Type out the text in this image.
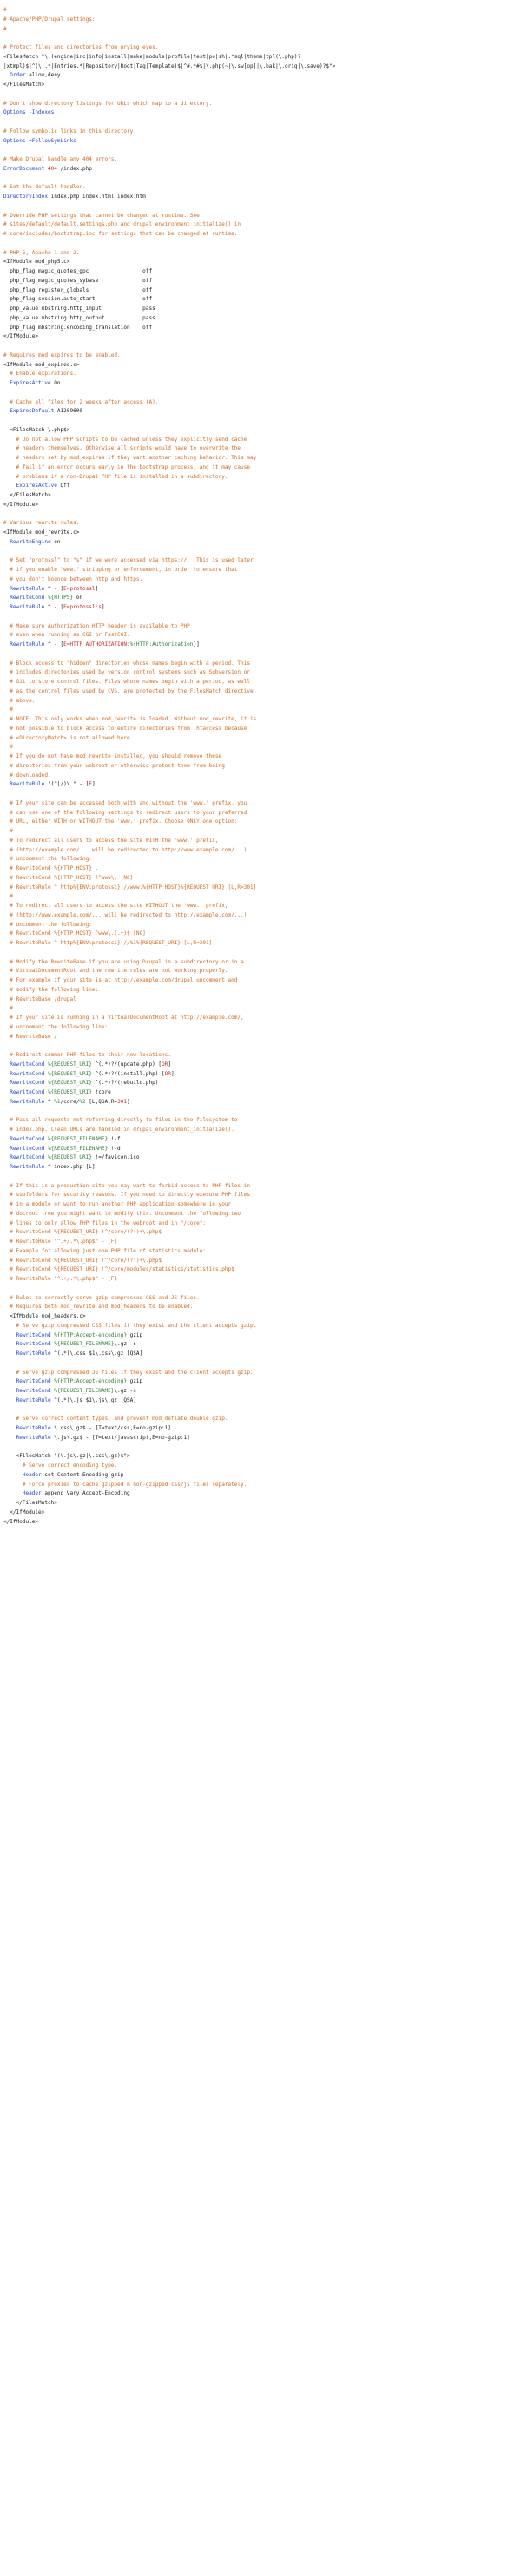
#
# Apache/PHP/Drupal settings:
#
# Protect files and directories from prying eyes.
<FilesMatch "\.(engine|inc|info|install|make|module|profile|test|po|sh|.*sql|theme|tpl(\.php)?
|xtmpl)$|^(\..*|Entries.*|Repository|Root|Tag|Template)$|^#.*#$|\.php(~|\.sw[op]|\.bak|\.orig|\.save)?$">
Order allow,deny
</FilesMatch>
# Don't show directory listings for URLs which map to a directory.
Options -Indexes
# Follow symbolic links in this directory.
Options +FollowSymLinks
# Make Drupal handle any 404 errors.
ErrorDocument 404 /index.php
# Set the default handler.
DirectoryIndex index.php index.html index.htm
# Override PHP settings that cannot be changed at runtime. See
# sites/default/default.settings.php and drupal_environment_initialize() in
# core/includes/bootstrap.inc for settings that can be changed at runtime.
# PHP 5, Apache 1 and 2.
<IfModule mod_php5.c>
php_flag magic_quotes_gpc                 off
php_flag magic_quotes_sybase              off
php_flag register_globals                 off
php_flag session.auto_start               off
php_value mbstring.http_input             pass
php_value mbstring.http_output            pass
php_flag mbstring.encoding_translation    off
</IfModule>
# Requires mod_expires to be enabled.
<IfModule mod_expires.c>
# Enable expirations.
ExpiresActive On
# Cache all files for 2 weeks after access (A).
ExpiresDefault A1209600
<FilesMatch \.php$>
# Do not allow PHP scripts to be cached unless they explicitly send cache
# headers themselves. Otherwise all scripts would have to overwrite the
# headers set by mod_expires if they want another caching behavior. This may
# fail if an error occurs early in the bootstrap process, and it may cause
# problems if a non-Drupal PHP file is installed in a subdirectory.
ExpiresActive Off
</FilesMatch>
</IfModule>
# Various rewrite rules.
<IfModule mod_rewrite.c>
RewriteEngine on
# Set "protossl" to "s" if we were accessed via https://.  This is used later
# if you enable "www." stripping or enforcement, in order to ensure that
# you don't bounce between http and https.
RewriteRule ^ - [E=protossl]
RewriteCond %{HTTPS} on
RewriteRule ^ - [E=protossl:s]
# Make sure Authorization HTTP header is available to PHP
# even when running as CGI or FastCGI.
RewriteRule ^ - [E=HTTP_AUTHORIZATION:%{HTTP:Authorization}]
# Block access to "hidden" directories whose names begin with a period. This
# includes directories used by version control systems such as Subversion or
# Git to store control files. Files whose names begin with a period, as well
# as the control files used by CVS, are protected by the FilesMatch directive
# above.
#
# NOTE: This only works when mod_rewrite is loaded. Without mod_rewrite, it is
# not possible to block access to entire directories from .htaccess because
# <DirectoryMatch> is not allowed here.
#
# If you do not have mod_rewrite installed, you should remove these
# directories from your webroot or otherwise protect them from being
# downloaded.
RewriteRule "(^|/)\." - [F]
# If your site can be accessed both with and without the 'www.' prefix, you
# can use one of the following settings to redirect users to your preferred
# URL, either WITH or WITHOUT the 'www.' prefix. Choose ONLY one option:
#
# To redirect all users to access the site WITH the 'www.' prefix,
# (http://example.com/... will be redirected to http://www.example.com/...)
# uncomment the following:
# RewriteCond %{HTTP_HOST} .
# RewriteCond %{HTTP_HOST} !^www\. [NC]
# RewriteRule ^ http%{ENV:protossl}://www.%{HTTP_HOST}%{REQUEST_URI} [L,R=301]
#
# To redirect all users to access the site WITHOUT the 'www.' prefix,
# (http://www.example.com/... will be redirected to http://example.com/...)
# uncomment the following:
# RewriteCond %{HTTP_HOST} ^www\.(.+)$ [NC]
# RewriteRule ^ http%{ENV:protossl}://%1%{REQUEST_URI} [L,R=301]
# Modify the RewriteBase if you are using Drupal in a subdirectory or in a
# VirtualDocumentRoot and the rewrite rules are not working properly.
# For example if your site is at http://example.com/drupal uncomment and
# modify the following line:
# RewriteBase /drupal
#
# If your site is running in a VirtualDocumentRoot at http://example.com/,
# uncomment the following line:
# RewriteBase /
# Redirect common PHP files to their new locations.
RewriteCond %{REQUEST_URI} ^(.*)?/(update.php) [OR]
RewriteCond %{REQUEST_URI} ^(.*)?/(install.php) [OR]
RewriteCond %{REQUEST_URI} ^(.*)?/(rebuild.php)
RewriteCond %{REQUEST_URI} !core
RewriteRule ^ %1/core/%2 [L,QSA,R=301]
# Pass all requests not referring directly to files in the filesystem to
# index.php. Clean URLs are handled in drupal_environment_initialize().
RewriteCond %{REQUEST_FILENAME} !-f
RewriteCond %{REQUEST_FILENAME} !-d
RewriteCond %{REQUEST_URI} !=/favicon.ico
RewriteRule ^ index.php [L]
# If this is a production site you may want to forbid access to PHP files in
# subfolders for security reasons. If you need to directly execute PHP files
# in a module or want to run another PHP application somewhere in your
# docroot tree you might want to modify this. Uncomment the following two
# lines to only allow PHP files in the webroot and in "/core":
# RewriteCond %{REQUEST_URI} !^/core/(?!)+\.php$
# RewriteRule "^.+/.*\.php$" - [F]
# Example for allowing just one PHP file of statistics module:
# RewriteCond %{REQUEST_URI} !^/core/(?!)+\.php$
# RewriteCond %{REQUEST_URI} !^/core/modules/statistics/statistics.php$
# RewriteRule "^.+/.*\.php$" - [F]
# Rules to correctly serve gzip compressed CSS and JS files.
# Requires both mod_rewrite and mod_headers to be enabled.
<IfModule mod_headers.c>
# Serve gzip compressed CSS files if they exist and the client accepts gzip.
RewriteCond %{HTTP:Accept-encoding} gzip
RewriteCond %{REQUEST_FILENAME}\.gz -s
RewriteRule ^(.*)\.css $1\.css\.gz [QSA]
# Serve gzip compressed JS files if they exist and the client accepts gzip.
RewriteCond %{HTTP:Accept-encoding} gzip
RewriteCond %{REQUEST_FILENAME}\.gz -s
RewriteRule ^(.*)\.js $1\.js\.gz [QSA]
# Serve correct content types, and prevent mod_deflate double gzip.
RewriteRule \.css\.gz$ - [T=text/css,E=no-gzip:1]
RewriteRule \.js\.gz$ - [T=text/javascript,E=no-gzip:1]
<FilesMatch "(\.js\.gz|\.css\.gz)$">
# Serve correct encoding type.
Header set Content-Encoding gzip
# Force proxies to cache gzipped & non-gzipped css/js files separately.
Header append Vary Accept-Encoding
</FilesMatch>
</IfModule>
</IfModule>
